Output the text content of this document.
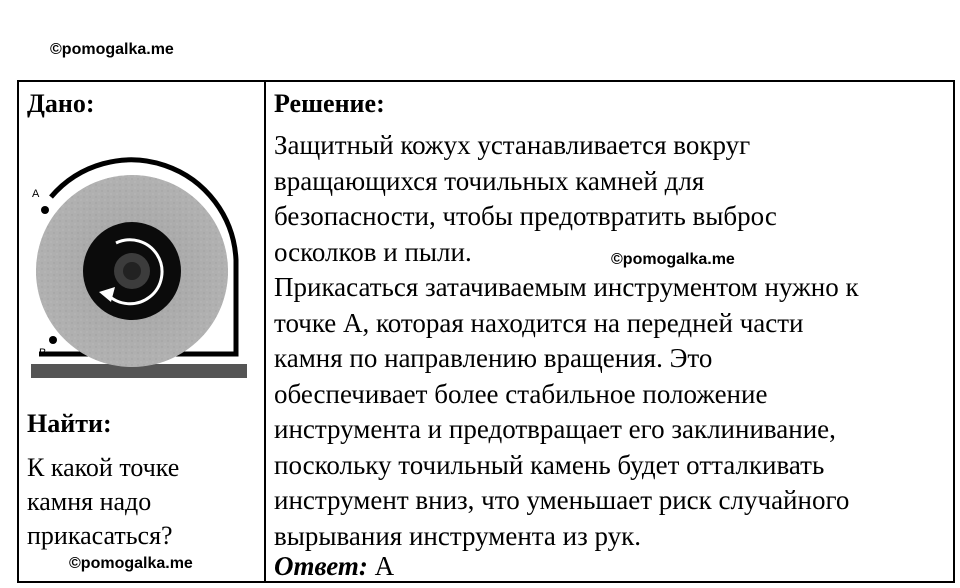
©pomogalka.me
Дано:
A
B
Найти:
К какой точке
камня надо
прикасаться?
Решение:

Защитный кожух устанавливается вокруг
вращающихся точильных камней для
безопасности, чтобы предотвратить выброс
осколков и пыли.

Прикасаться затачиваемым инструментом нужно к
точке А, которая находится на передней части
камня по направлению вращения. Это
обеспечивает более стабильное положение
инструмента и предотвращает его заклинивание,
поскольку точильный камень будет отталкивать
инструмент вниз, что уменьшает риск случайного
вырывания инструмента из рук.

Ответ: А
©pomogalka.me
©pomogalka.me
